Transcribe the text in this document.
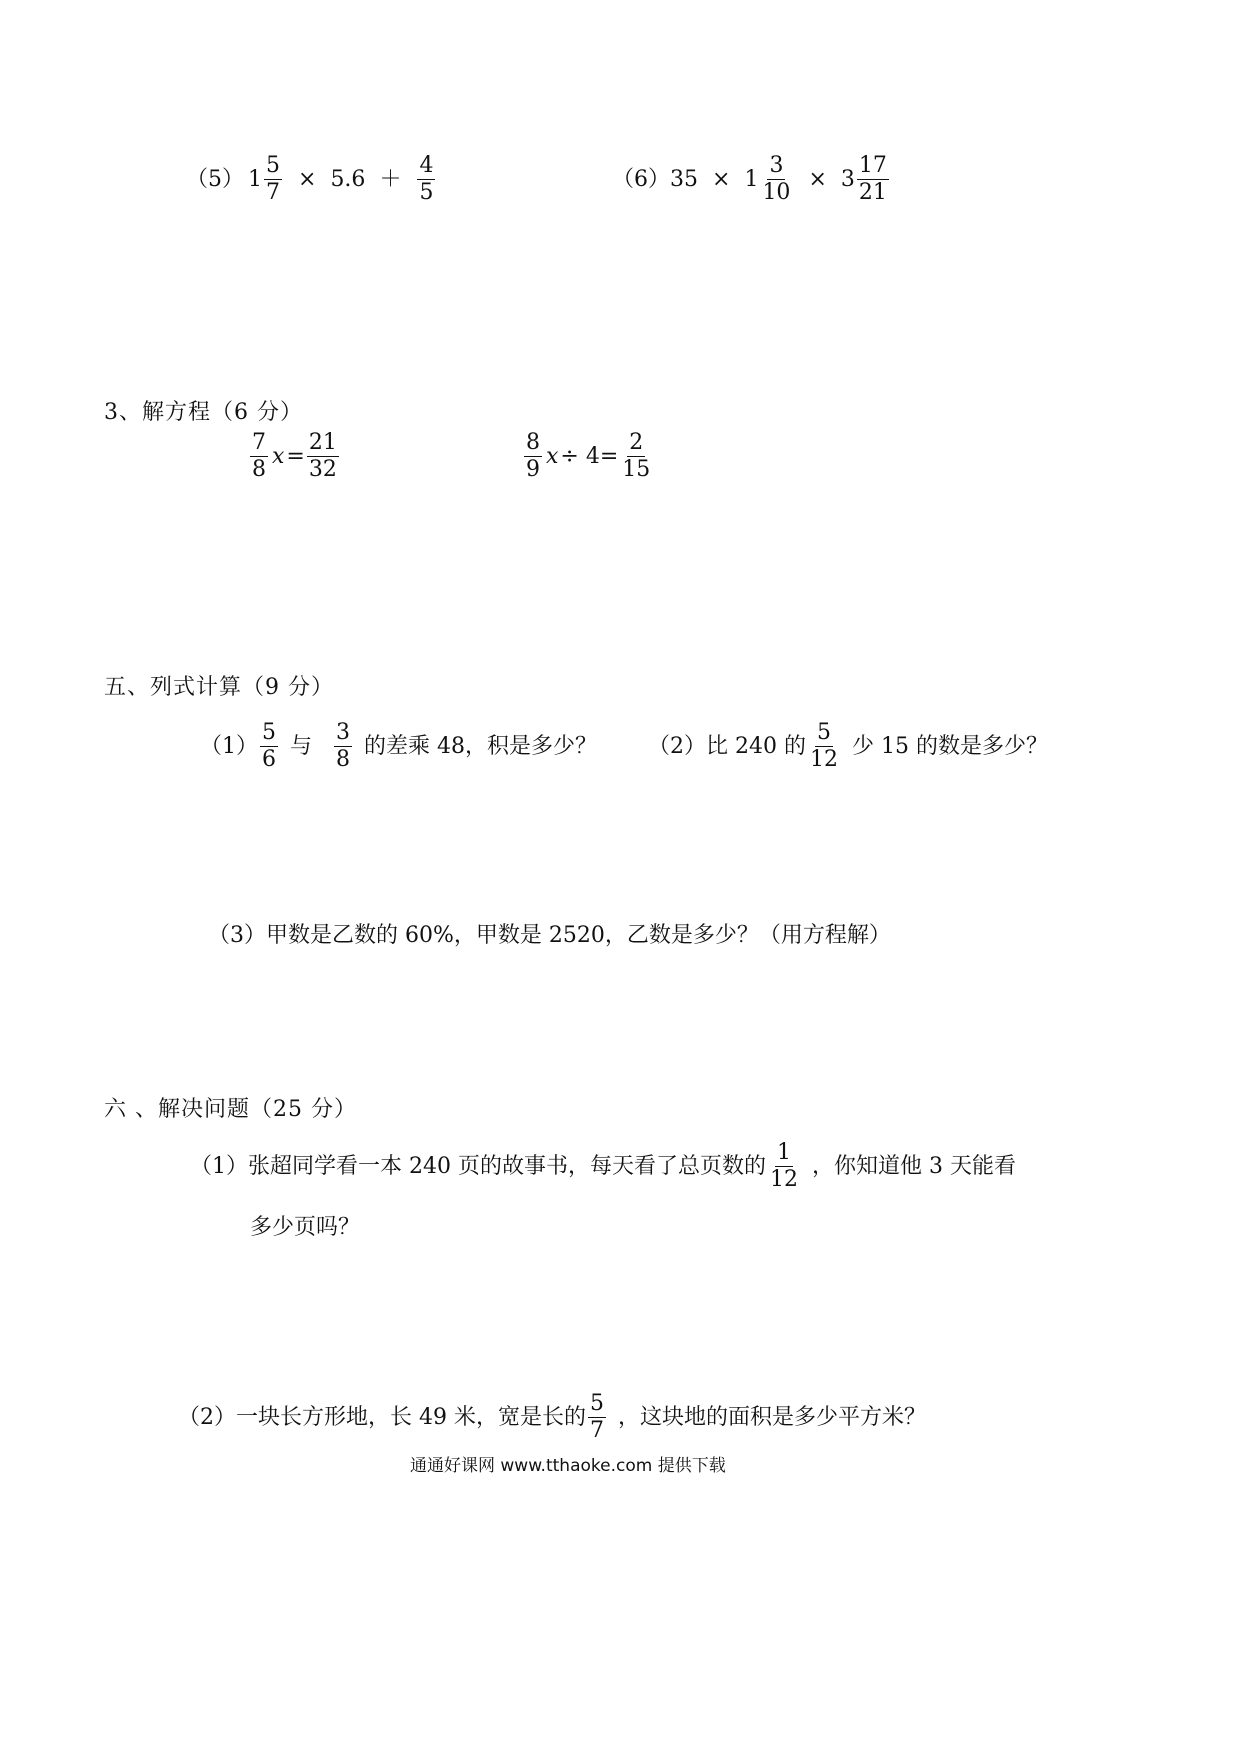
（5） $1 \frac{5}{7} \times 5.6 + \frac{4}{5}$	（6） $35 \times 1 \frac{3}{10} \times 3 \frac{17}{21}$
3、解方程（6 分）
$\frac{7}{8}$ $x = \frac{21}{32}$	$\frac{8}{9}$ $x \div 4 = \frac{2}{15}$
五、列式计算（9 分）
$(1) \frac{5}{6}$ 与 $\frac{3}{8}$ 的差乘 48，积是多少？ （2）比 240 的 $\frac{5}{12}$ 少 15 的数是多少？
（3）甲数是乙数的 60%，甲数是 2520，乙数是多少？（用方程解）
六 、解决问题（25 分）
（1）张超同学看一本 240 页的故事书，每天看了总页数的 $\frac{1}{12}$ ，你知道他 3 天能看
多少页吗？
（2）一块长方形地，长 49 米，宽是长的 $\frac{5}{7}$ ，这块地的面积是多少平方米？
通通好课网 www.tthaoke.com 提供下载
